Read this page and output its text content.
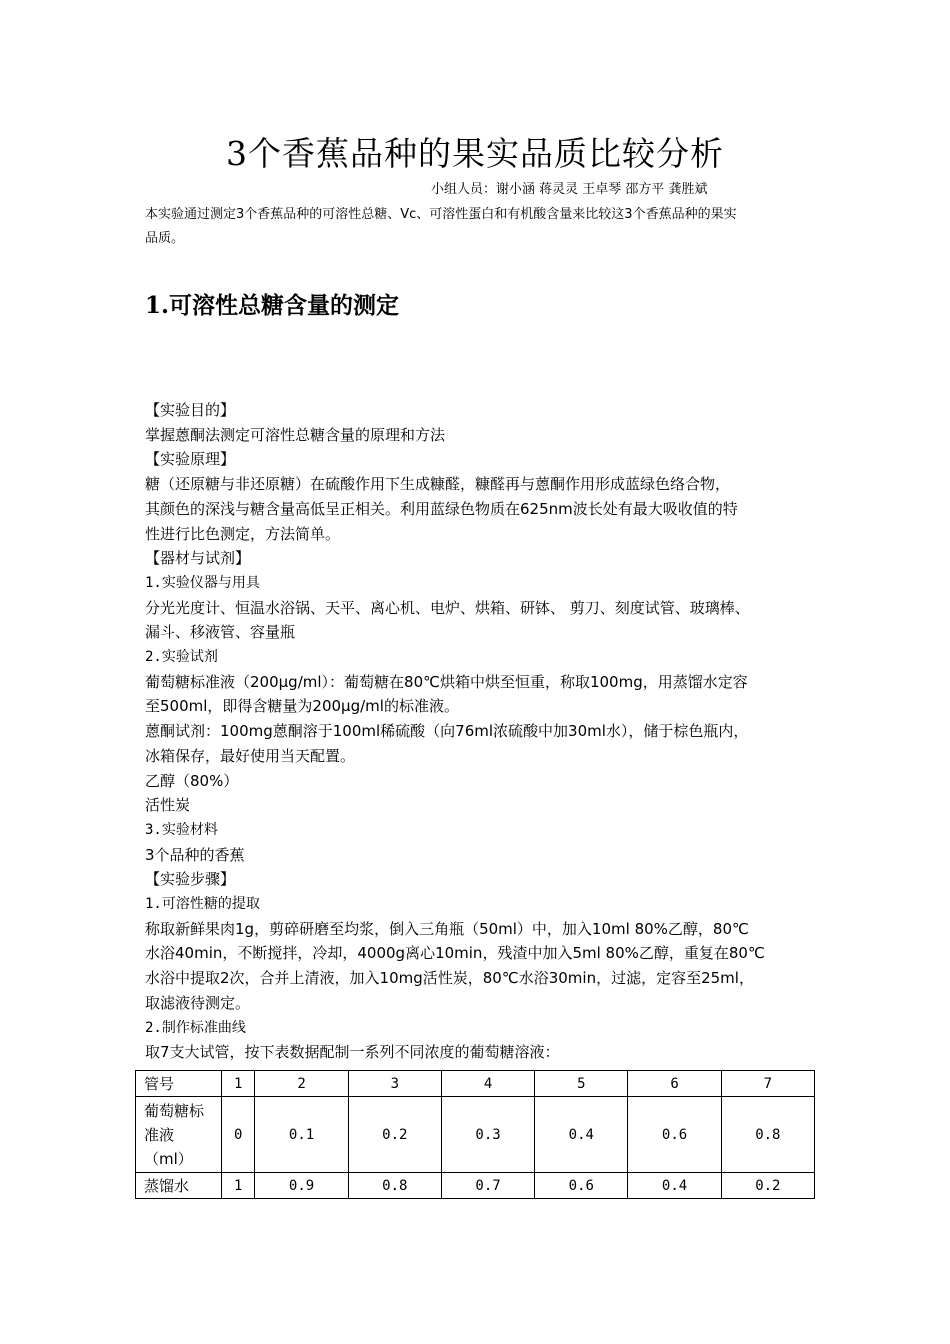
3个香蕉品种的果实品质比较分析
小组人员：谢小涵 蒋灵灵 王卓琴 邵方平 龚胜斌
本实验通过测定3个香蕉品种的可溶性总糖、Vc、可溶性蛋白和有机酸含量来比较这3个香蕉品种的果实
品质。
1.可溶性总糖含量的测定

【实验目的】

掌握蒽酮法测定可溶性总糖含量的原理和方法

【实验原理】

糖（还原糖与非还原糖）在硫酸作用下生成糠醛，糠醛再与蒽酮作用形成蓝绿色络合物，

其颜色的深浅与糖含量高低呈正相关。利用蓝绿色物质在625nm波长处有最大吸收值的特

性进行比色测定，方法简单。

【器材与试剂】

1.实验仪器与用具

分光光度计、恒温水浴锅、天平、离心机、电炉、烘箱、研钵、 剪刀、刻度试管、玻璃棒、

漏斗、移液管、容量瓶

2.实验试剂

葡萄糖标准液（200μg/ml）：葡萄糖在80℃烘箱中烘至恒重，称取100mg，用蒸馏水定容

至500ml，即得含糖量为200μg/ml的标准液。

蒽酮试剂：100mg蒽酮溶于100ml稀硫酸（向76ml浓硫酸中加30ml水），储于棕色瓶内，

冰箱保存，最好使用当天配置。

乙醇（80%）

活性炭

3.实验材料

3个品种的香蕉

【实验步骤】

1.可溶性糖的提取

称取新鲜果肉1g，剪碎研磨至均浆，倒入三角瓶（50ml）中，加入10ml 80%乙醇，80℃

水浴40min，不断搅拌，冷却，4000g离心10min，残渣中加入5ml 80%乙醇，重复在80℃

水浴中提取2次，合并上清液，加入10mg活性炭，80℃水浴30min，过滤，定容至25ml，

取滤液待测定。

2.制作标准曲线

取7支大试管，按下表数据配制一系列不同浓度的葡萄糖溶液：

管号	1	2	3	4	5	6	7

葡萄糖标
准液
（ml）	0	0.1	0.2	0.3	0.4	0.6	0.8
蒸馏水	1	0.9	0.8	0.7	0.6	0.4	0.2
